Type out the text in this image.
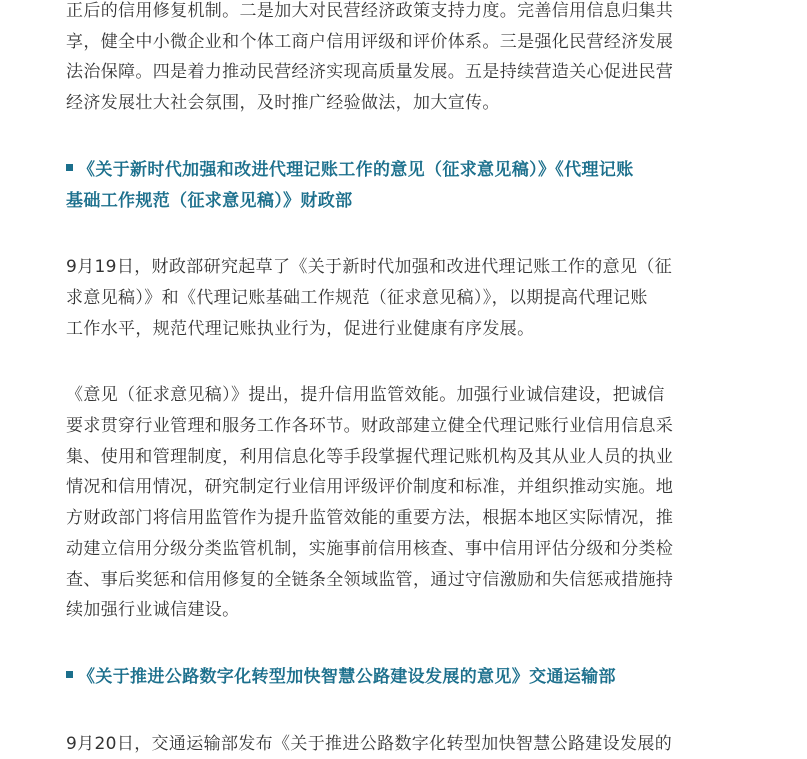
正后的信用修复机制。二是加大对民营经济政策支持力度。完善信用信息归集共
享，健全中小微企业和个体工商户信用评级和评价体系。三是强化民营经济发展
法治保障。四是着力推动民营经济实现高质量发展。五是持续营造关心促进民营
经济发展壮大社会氛围，及时推广经验做法，加大宣传。

《关于新时代加强和改进代理记账工作的意见（征求意见稿）》《代理记账
基础工作规范（征求意见稿）》财政部

9月19日，财政部研究起草了《关于新时代加强和改进代理记账工作的意见（征
求意见稿）》和《代理记账基础工作规范（征求意见稿）》，以期提高代理记账
工作水平，规范代理记账执业行为，促进行业健康有序发展。

《意见（征求意见稿）》提出，提升信用监管效能。加强行业诚信建设，把诚信
要求贯穿行业管理和服务工作各环节。财政部建立健全代理记账行业信用信息采
集、使用和管理制度，利用信息化等手段掌握代理记账机构及其从业人员的执业
情况和信用情况，研究制定行业信用评级评价制度和标准，并组织推动实施。地
方财政部门将信用监管作为提升监管效能的重要方法，根据本地区实际情况，推
动建立信用分级分类监管机制，实施事前信用核查、事中信用评估分级和分类检
查、事后奖惩和信用修复的全链条全领域监管，通过守信激励和失信惩戒措施持
续加强行业诚信建设。

《关于推进公路数字化转型加快智慧公路建设发展的意见》交通运输部

9月20日，交通运输部发布《关于推进公路数字化转型加快智慧公路建设发展的
